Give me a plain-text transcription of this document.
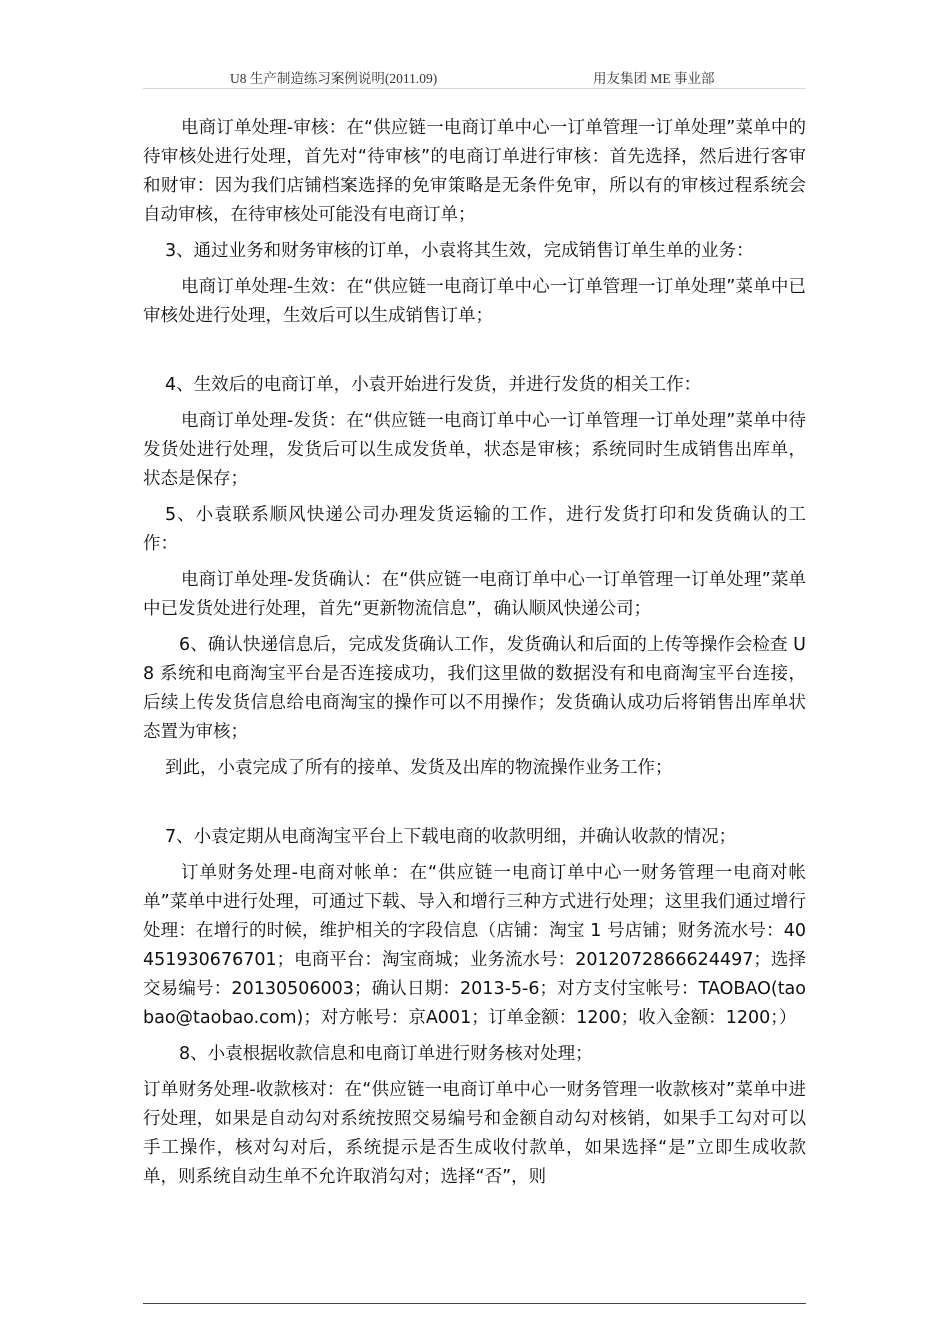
U8 生产制造练习案例说明(2011.09)	用友集团 ME 事业部

电商订单处理-审核：在“供应链一电商订单中心一订单管理一订单处理”菜单中的待审核处进行处理，首先对“待审核”的电商订单进行审核：首先选择，然后进行客审和财审：因为我们店铺档案选择的免审策略是无条件免审，所以有的审核过程系统会自动审核，在待审核处可能没有电商订单；

3、通过业务和财务审核的订单，小袁将其生效，完成销售订单生单的业务：

电商订单处理-生效：在“供应链一电商订单中心一订单管理一订单处理”菜单中已审核处进行处理，生效后可以生成销售订单；

4、生效后的电商订单，小袁开始进行发货，并进行发货的相关工作：

电商订单处理-发货：在“供应链一电商订单中心一订单管理一订单处理”菜单中待发货处进行处理，发货后可以生成发货单，状态是审核；系统同时生成销售出库单，状态是保存；

5、小袁联系顺风快递公司办理发货运输的工作，进行发货打印和发货确认的工作：

电商订单处理-发货确认：在“供应链一电商订单中心一订单管理一订单处理”菜单中已发货处进行处理，首先“更新物流信息”，确认顺风快递公司；

6、确认快递信息后，完成发货确认工作，发货确认和后面的上传等操作会检查 U8 系统和电商淘宝平台是否连接成功，我们这里做的数据没有和电商淘宝平台连接，后续上传发货信息给电商淘宝的操作可以不用操作；发货确认成功后将销售出库单状态置为审核；

到此，小袁完成了所有的接单、发货及出库的物流操作业务工作；

7、小袁定期从电商淘宝平台上下载电商的收款明细，并确认收款的情况；

订单财务处理-电商对帐单：在“供应链一电商订单中心一财务管理一电商对帐单”菜单中进行处理，可通过下载、导入和增行三种方式进行处理；这里我们通过增行处理：在增行的时候，维护相关的字段信息（店铺：淘宝 1 号店铺；财务流水号：40451930676701；电商平台：淘宝商城；业务流水号：2012072866624497；选择交易编号：20130506003；确认日期：2013-5-6；对方支付宝帐号：TAOBAO(taobao@taobao.com)；对方帐号：京A001；订单金额：1200；收入金额：1200；）

8、小袁根据收款信息和电商订单进行财务核对处理；

订单财务处理-收款核对：在“供应链一电商订单中心一财务管理一收款核对”菜单中进行处理，如果是自动勾对系统按照交易编号和金额自动勾对核销，如果手工勾对可以手工操作，核对勾对后，系统提示是否生成收付款单，如果选择“是”立即生成收款单，则系统自动生单不允许取消勾对；选择“否”，则
